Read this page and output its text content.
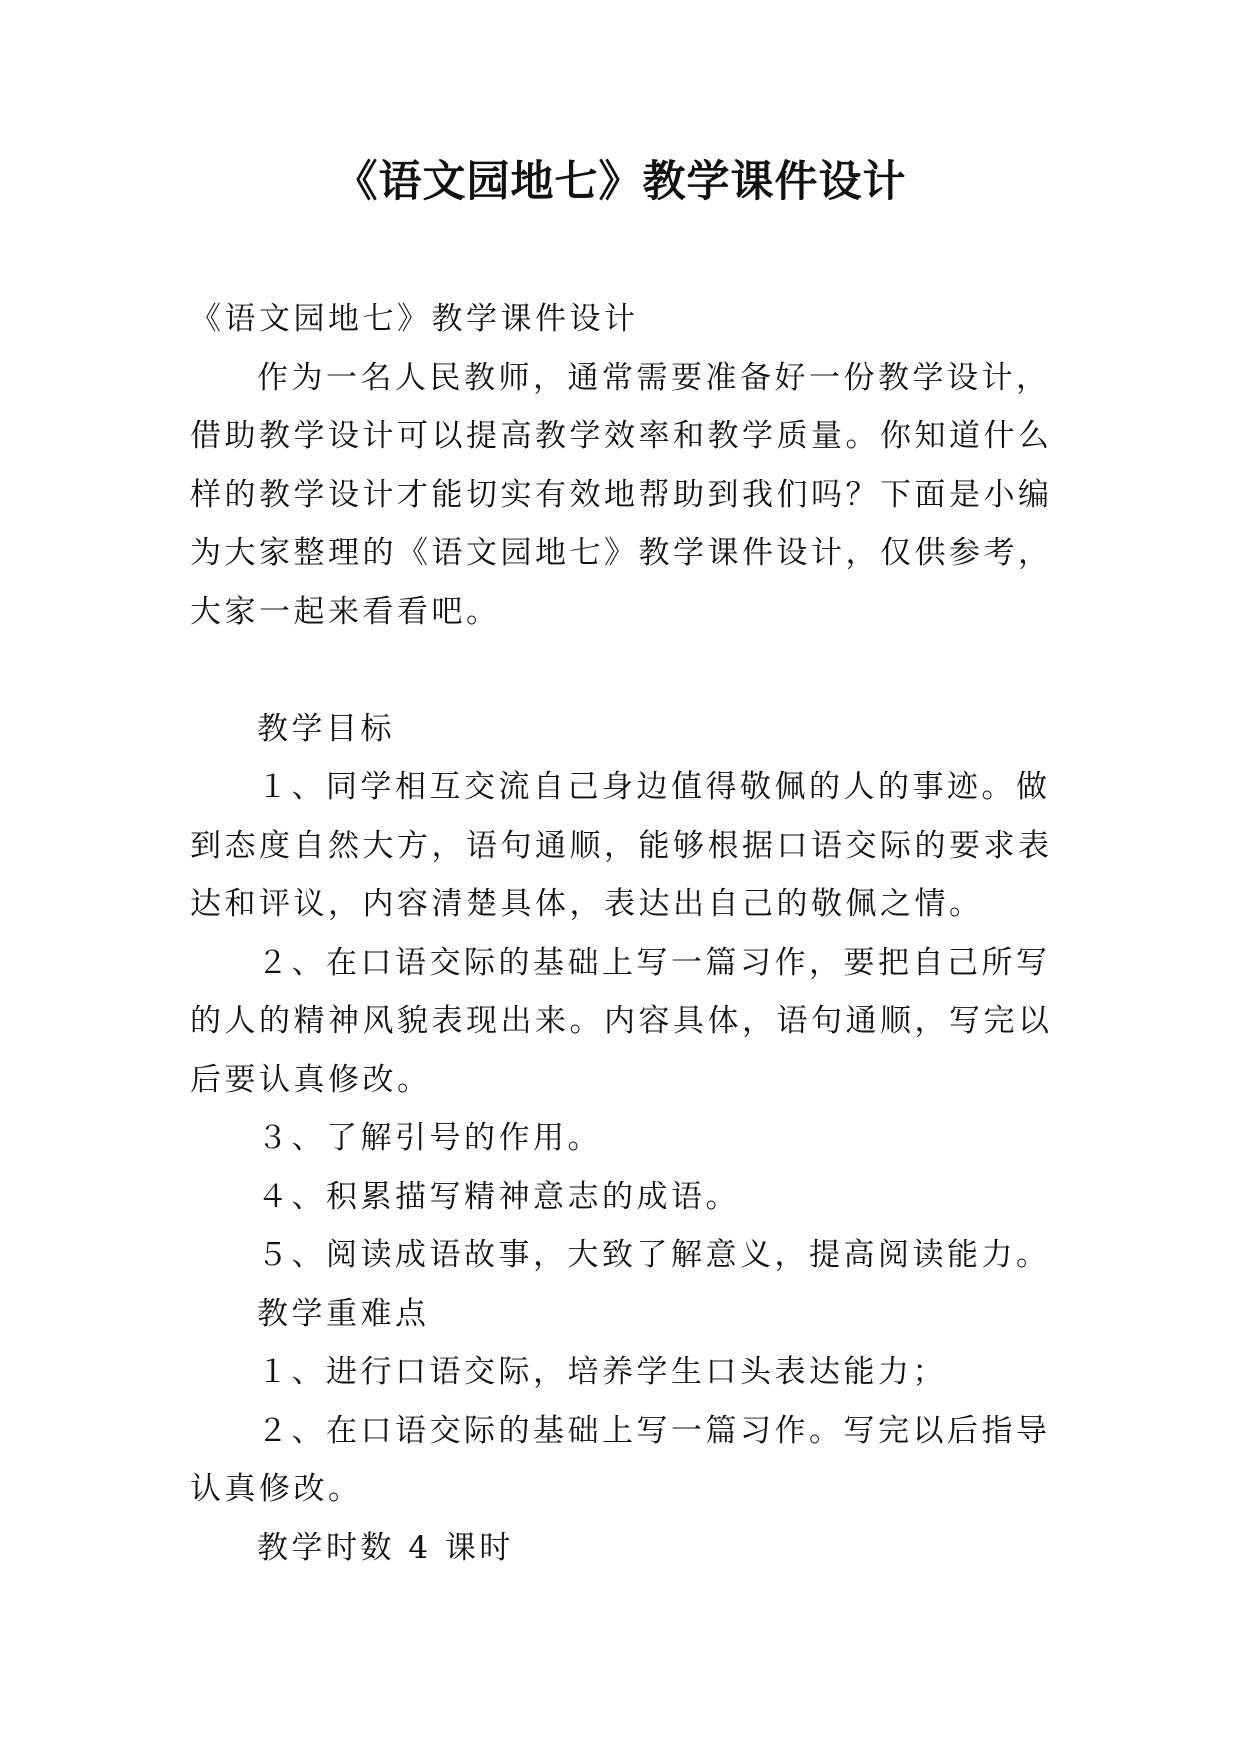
《语文园地七》教学课件设计

《语文园地七》教学课件设计

作为一名人民教师，通常需要准备好一份教学设计，借助教学设计可以提高教学效率和教学质量。你知道什么样的教学设计才能切实有效地帮助到我们吗？下面是小编为大家整理的《语文园地七》教学课件设计，仅供参考，大家一起来看看吧。

教学目标

１、同学相互交流自己身边值得敬佩的人的事迹。做到态度自然大方，语句通顺，能够根据口语交际的要求表达和评议，内容清楚具体，表达出自己的敬佩之情。

２、在口语交际的基础上写一篇习作，要把自己所写的人的精神风貌表现出来。内容具体，语句通顺，写完以后要认真修改。

３、了解引号的作用。

４、积累描写精神意志的成语。

５、阅读成语故事，大致了解意义，提高阅读能力。

教学重难点

１、进行口语交际，培养学生口头表达能力；

２、在口语交际的基础上写一篇习作。写完以后指导认真修改。

教学时数 4 课时
